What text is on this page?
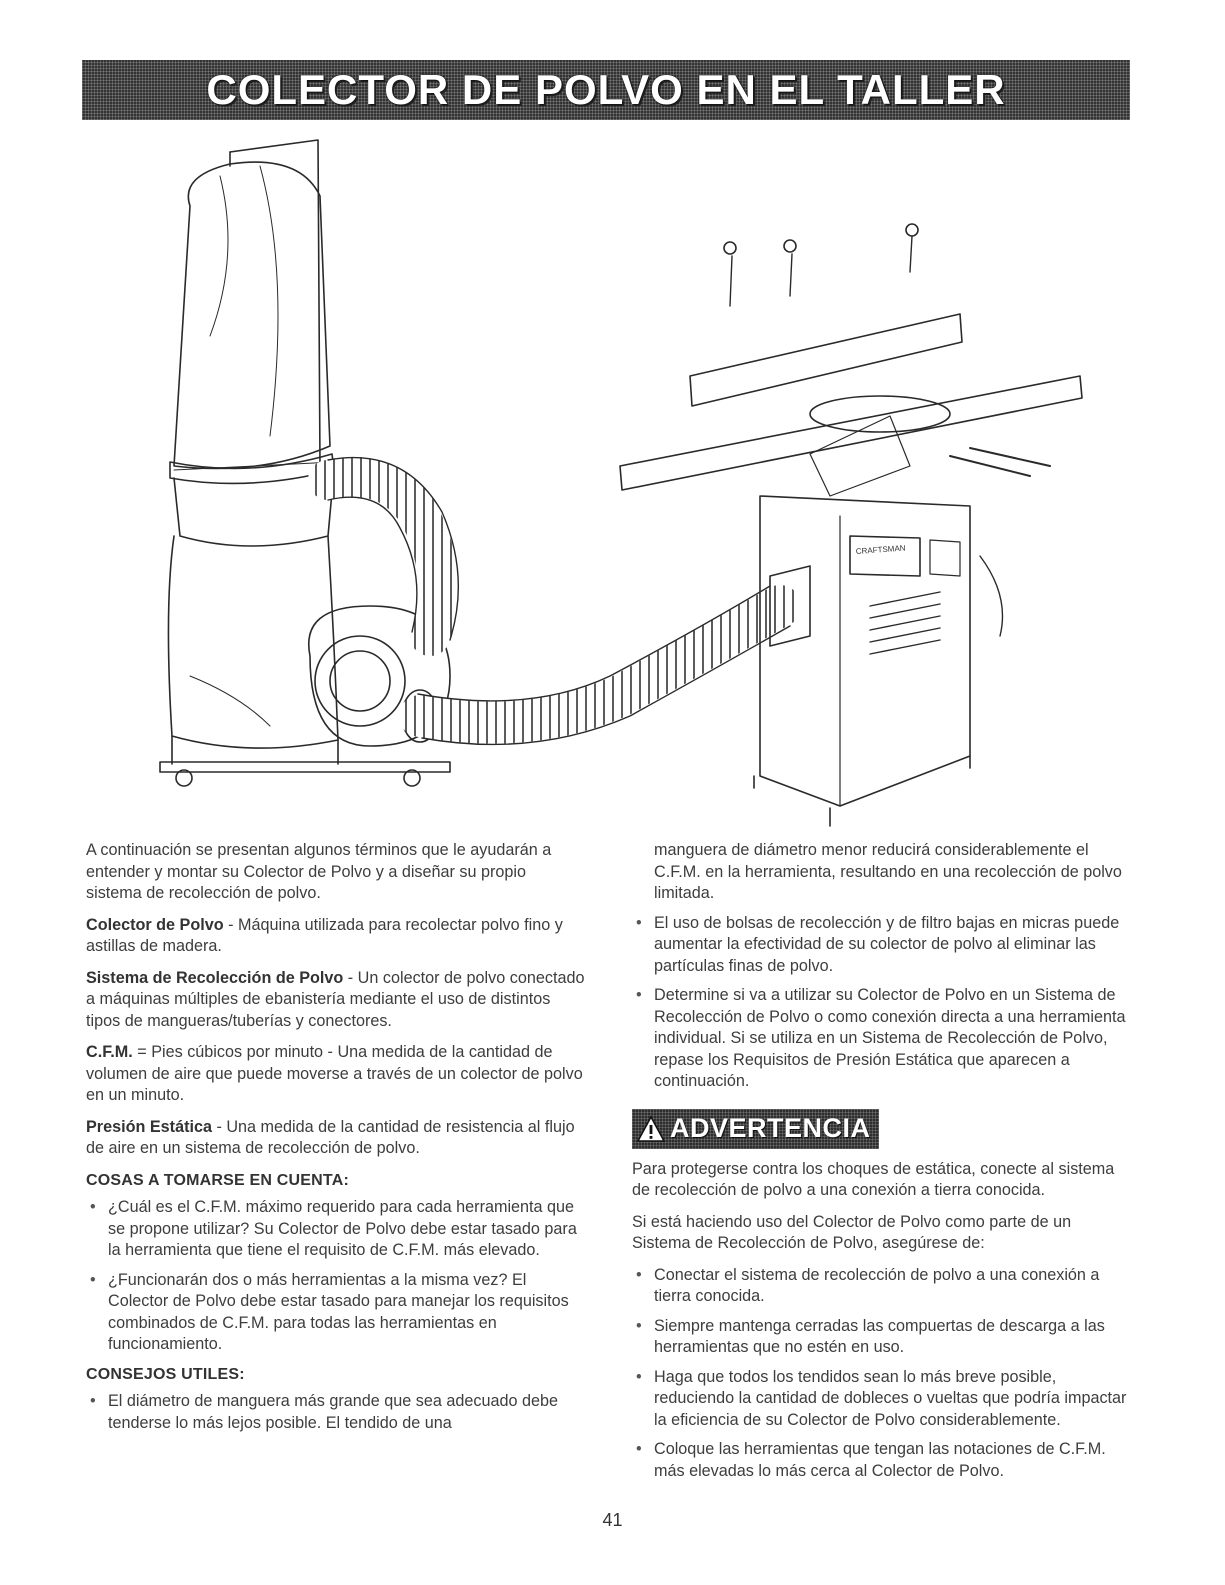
COLECTOR DE POLVO EN EL TALLER
CRAFTSMAN

A continuación se presentan algunos términos que le ayudarán a entender y montar su Colector de Polvo y a diseñar su propio sistema de recolección de polvo.

Colector de Polvo - Máquina utilizada para recolectar polvo fino y astillas de madera.

Sistema de Recolección de Polvo - Un colector de polvo conectado a máquinas múltiples de ebanistería mediante el uso de distintos tipos de mangueras/tuberías y conectores.

C.F.M. = Pies cúbicos por minuto - Una medida de la cantidad de volumen de aire que puede moverse a través de un colector de polvo en un minuto.

Presión Estática - Una medida de la cantidad de resistencia al flujo de aire en un sistema de recolección de polvo.

COSAS A TOMARSE EN CUENTA:
• ¿Cuál es el C.F.M. máximo requerido para cada herramienta que se propone utilizar? Su Colector de Polvo debe estar tasado para la herramienta que tiene el requisito de C.F.M. más elevado.
• ¿Funcionarán dos o más herramientas a la misma vez? El Colector de Polvo debe estar tasado para manejar los requisitos combinados de C.F.M. para todas las herramientas en funcionamiento.
CONSEJOS UTILES:
• El diámetro de manguera más grande que sea adecuado debe tenderse lo más lejos posible. El tendido de una
manguera de diámetro menor reducirá considerablemente el C.F.M. en la herramienta, resultando en una recolección de polvo limitada.
• El uso de bolsas de recolección y de filtro bajas en micras puede aumentar la efectividad de su colector de polvo al eliminar las partículas finas de polvo.
• Determine si va a utilizar su Colector de Polvo en un Sistema de Recolección de Polvo o como conexión directa a una herramienta individual. Si se utiliza en un Sistema de Recolección de Polvo, repase los Requisitos de Presión Estática que aparecen a continuación.
ADVERTENCIA

Para protegerse contra los choques de estática, conecte al sistema de recolección de polvo a una conexión a tierra conocida.

Si está haciendo uso del Colector de Polvo como parte de un Sistema de Recolección de Polvo, asegúrese de:

• Conectar el sistema de recolección de polvo a una conexión a tierra conocida.
• Siempre mantenga cerradas las compuertas de descarga a las herramientas que no estén en uso.
• Haga que todos los tendidos sean lo más breve posible, reduciendo la cantidad de dobleces o vueltas que podría impactar la eficiencia de su Colector de Polvo considerablemente.
• Coloque las herramientas que tengan las notaciones de C.F.M. más elevadas lo más cerca al Colector de Polvo.
41
